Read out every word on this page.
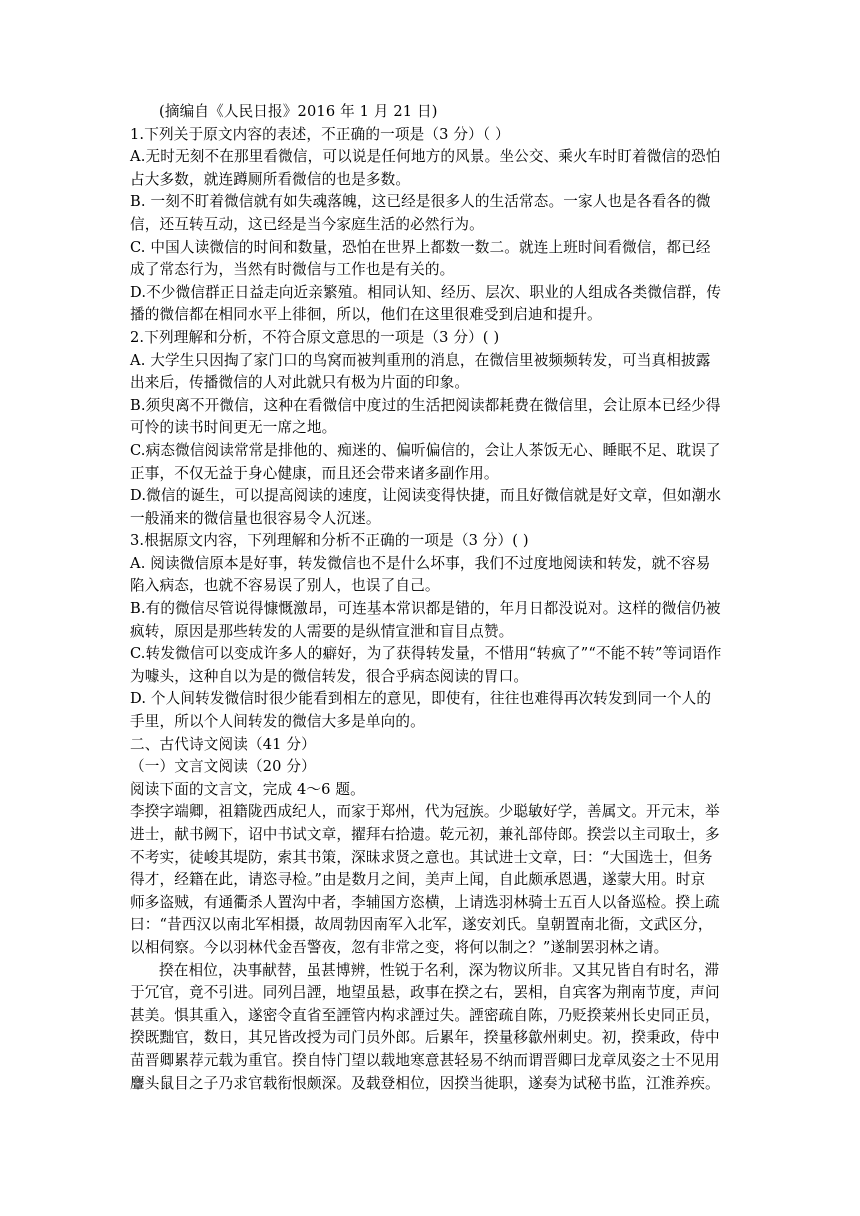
(摘编自《人民日报》2016 年 1 月 21 日)
1.下列关于原文内容的表述，不正确的一项是（3 分）（ ）
A.无时无刻不在那里看微信，可以说是任何地方的风景。坐公交、乘火车时盯着微信的恐怕
占大多数，就连蹲厕所看微信的也是多数。
B. 一刻不盯着微信就有如失魂落魄，这已经是很多人的生活常态。一家人也是各看各的微
信，还互转互动，这已经是当今家庭生活的必然行为。
C. 中国人读微信的时间和数量，恐怕在世界上都数一数二。就连上班时间看微信，都已经
成了常态行为，当然有时微信与工作也是有关的。
D.不少微信群正日益走向近亲繁殖。相同认知、经历、层次、职业的人组成各类微信群，传
播的微信都在相同水平上徘徊，所以，他们在这里很难受到启迪和提升。
2.下列理解和分析，不符合原文意思的一项是（3 分）( )
A. 大学生只因掏了家门口的鸟窝而被判重刑的消息，在微信里被频频转发，可当真相披露
出来后，传播微信的人对此就只有极为片面的印象。
B.须臾离不开微信，这种在看微信中度过的生活把阅读都耗费在微信里，会让原本已经少得
可怜的读书时间更无一席之地。
C.病态微信阅读常常是排他的、痴迷的、偏听偏信的，会让人茶饭无心、睡眠不足、耽误了
正事，不仅无益于身心健康，而且还会带来诸多副作用。
D.微信的诞生，可以提高阅读的速度，让阅读变得快捷，而且好微信就是好文章，但如潮水
一般涌来的微信量也很容易令人沉迷。
3.根据原文内容，下列理解和分析不正确的一项是（3 分）( )
A. 阅读微信原本是好事，转发微信也不是什么坏事，我们不过度地阅读和转发，就不容易
陷入病态，也就不容易误了别人，也误了自己。
B.有的微信尽管说得慷慨激昂，可连基本常识都是错的，年月日都没说对。这样的微信仍被
疯转，原因是那些转发的人需要的是纵情宣泄和盲目点赞。
C.转发微信可以变成许多人的癖好，为了获得转发量，不惜用“转疯了”“不能不转”等词语作
为噱头，这种自以为是的微信转发，很合乎病态阅读的胃口。
D. 个人间转发微信时很少能看到相左的意见，即使有，往往也难得再次转发到同一个人的
手里，所以个人间转发的微信大多是单向的。
二、古代诗文阅读（41 分）
（一）文言文阅读（20 分）
阅读下面的文言文，完成 4～6 题。
李揆字端卿，祖籍陇西成纪人，而家于郑州，代为冠族。少聪敏好学，善属文。开元末，举
进士，献书阙下，诏中书试文章，擢拜右拾遗。乾元初，兼礼部侍郎。揆尝以主司取士，多
不考实，徒峻其堤防，索其书策，深昧求贤之意也。其试进士文章，曰：“大国选士，但务
得才，经籍在此，请恣寻检。”由是数月之间，美声上闻，自此颇承恩遇，遂蒙大用。时京
师多盗贼，有通衢杀人置沟中者，李辅国方恣横，上请选羽林骑士五百人以备巡检。揆上疏
曰：“昔西汉以南北军相摄，故周勃因南军入北军，遂安刘氏。皇朝置南北衙，文武区分，
以相伺察。今以羽林代金吾警夜，忽有非常之变，将何以制之？”遂制罢羽林之请。
揆在相位，决事献替，虽甚博辨，性锐于名利，深为物议所非。又其兄皆自有时名，滞
于冗官，竟不引进。同列吕諲，地望虽悬，政事在揆之右，罢相，自宾客为荆南节度，声问
甚美。惧其重入，遂密令直省至諲管内构求諲过失。諲密疏自陈，乃贬揆莱州长史同正员，
揆既黜官，数日，其兄皆改授为司门员外郎。后累年，揆量移歙州刺史。初，揆秉政，侍中
苗晋卿累荐元载为重官。揆自恃门望以载地寒意甚轻易不纳而谓晋卿曰龙章凤姿之士不见用
麞头鼠目之子乃求官载衔恨颇深。及载登相位，因揆当徙职，遂奏为试秘书监，江淮养疾。
